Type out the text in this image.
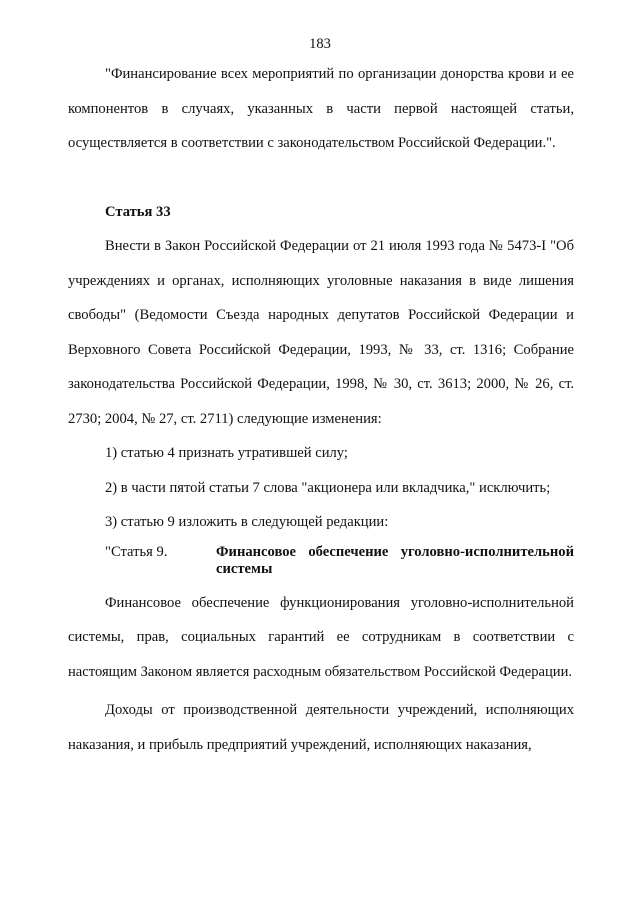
183

"Финансирование всех мероприятий по организации донорства крови и ее компонентов в случаях, указанных в части первой настоящей статьи, осуществляется в соответствии с законодательством Российской Федерации.".

Статья 33

Внести в Закон Российской Федерации от 21 июля 1993 года № 5473-I "Об учреждениях и органах, исполняющих уголовные наказания в виде лишения свободы" (Ведомости Съезда народных депутатов Российской Федерации и Верховного Совета Российской Федерации, 1993, № 33, ст. 1316; Собрание законодательства Российской Федерации, 1998, № 30, ст. 3613; 2000, № 26, ст. 2730; 2004, № 27, ст. 2711) следующие изменения:

1) статью 4 признать утратившей силу;

2) в части пятой статьи 7 слова "акционера или вкладчика," исключить;

3) статью 9 изложить в следующей редакции:

"Статья 9.	Финансовое обеспечение уголовно-исполнительной
системы

Финансовое обеспечение функционирования уголовно-исполнительной системы, прав, социальных гарантий ее сотрудникам в соответствии с настоящим Законом является расходным обязательством Российской Федерации.

Доходы от производственной деятельности учреждений, исполняющих наказания, и прибыль предприятий учреждений, исполняющих наказания,
